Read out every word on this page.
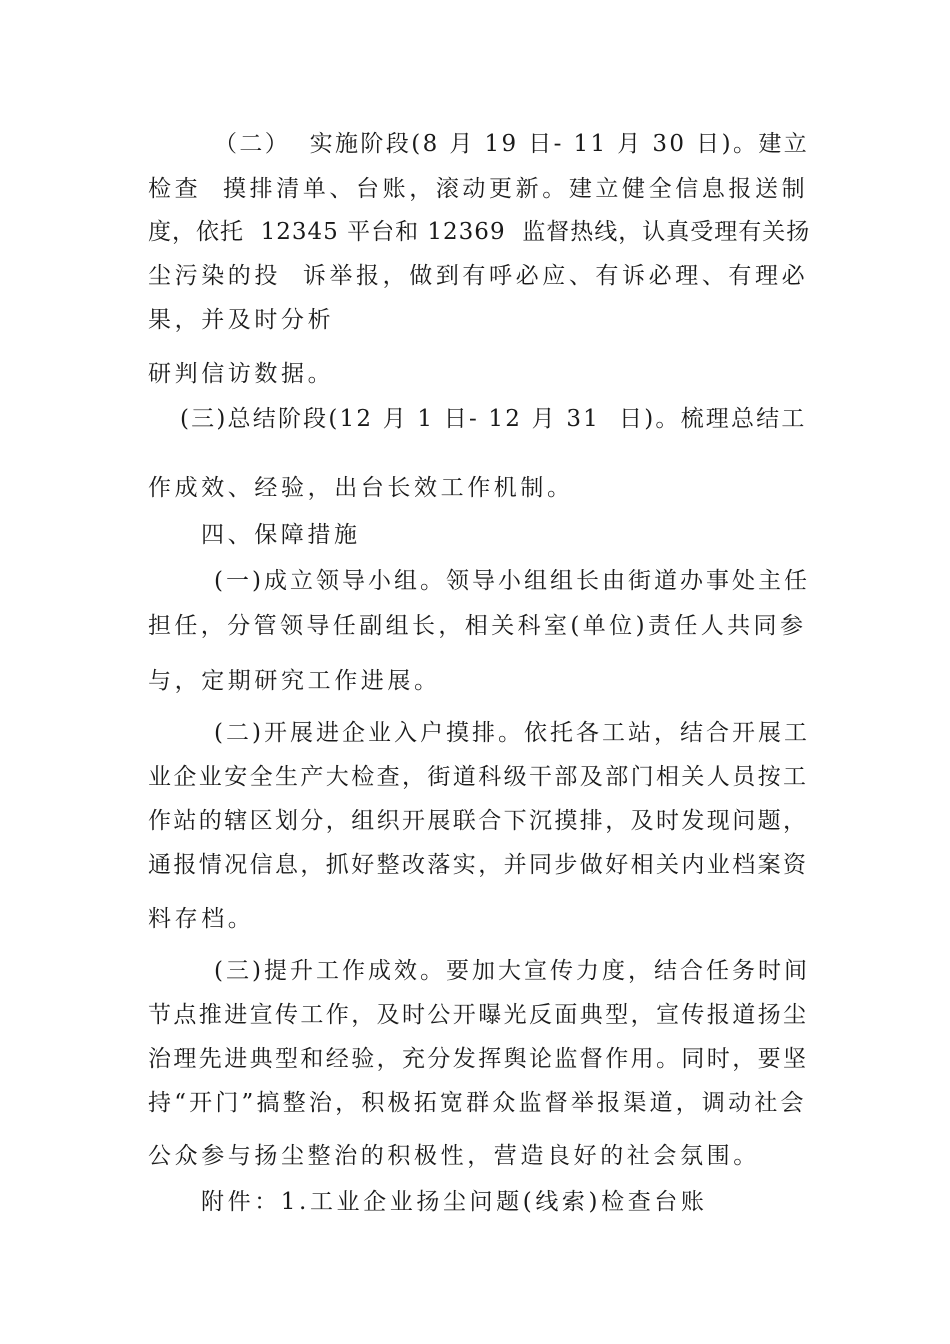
（二）  实施阶段(8 月 19 日- 11 月 30 日)。建立
检查  摸排清单、台账，滚动更新。建立健全信息报送制
度，依托  12345 平台和 12369  监督热线，认真受理有关扬
尘污染的投  诉举报，做到有呼必应、有诉必理、有理必
果，并及时分析
研判信访数据。
(三)总结阶段(12 月 1 日- 12 月 31  日)。梳理总结工
作成效、经验，出台长效工作机制。
四、保障措施
(一)成立领导小组。领导小组组长由街道办事处主任
担任，分管领导任副组长，相关科室(单位)责任人共同参
与，定期研究工作进展。
(二)开展进企业入户摸排。依托各工站，结合开展工
业企业安全生产大检查，街道科级干部及部门相关人员按工
作站的辖区划分，组织开展联合下沉摸排，及时发现问题，
通报情况信息，抓好整改落实，并同步做好相关内业档案资
料存档。
(三)提升工作成效。要加大宣传力度，结合任务时间
节点推进宣传工作，及时公开曝光反面典型，宣传报道扬尘
治理先进典型和经验，充分发挥舆论监督作用。同时，要坚
持“开门”搞整治，积极拓宽群众监督举报渠道，调动社会
公众参与扬尘整治的积极性，营造良好的社会氛围。
附件：1.工业企业扬尘问题(线索)检查台账
